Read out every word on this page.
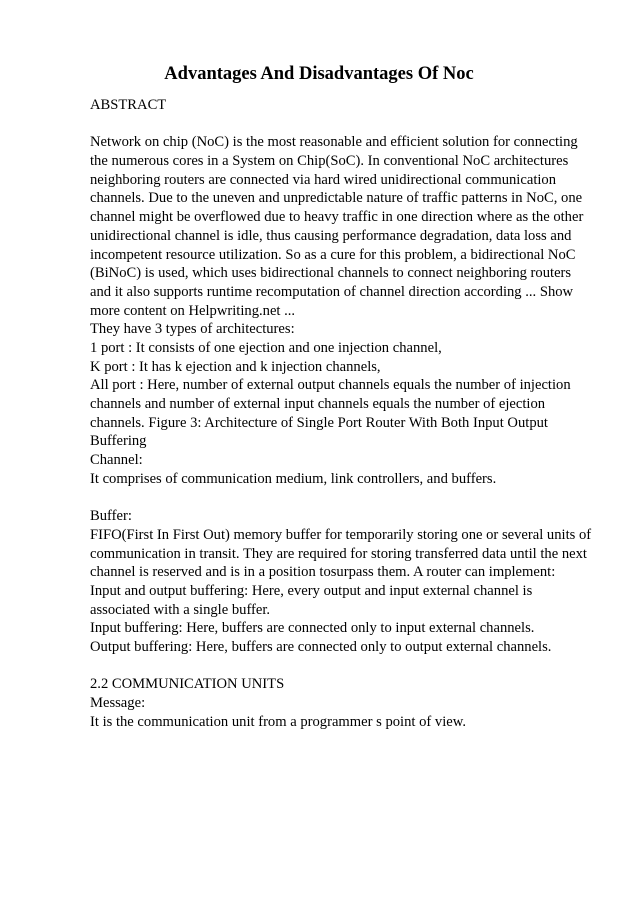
Advantages And Disadvantages Of Noc
ABSTRACT
Network on chip (NoC) is the most reasonable and efficient solution for connecting
the numerous cores in a System on Chip(SoC). In conventional NoC architectures
neighboring routers are connected via hard wired unidirectional communication
channels. Due to the uneven and unpredictable nature of traffic patterns in NoC, one
channel might be overflowed due to heavy traffic in one direction where as the other
unidirectional channel is idle, thus causing performance degradation, data loss and
incompetent resource utilization. So as a cure for this problem, a bidirectional NoC
(BiNoC) is used, which uses bidirectional channels to connect neighboring routers
and it also supports runtime recomputation of channel direction according ... Show
more content on Helpwriting.net ...
They have 3 types of architectures:
1 port : It consists of one ejection and one injection channel,
K port : It has k ejection and k injection channels,
All port : Here, number of external output channels equals the number of injection
channels and number of external input channels equals the number of ejection
channels. Figure 3: Architecture of Single Port Router With Both Input Output
Buffering
Channel:
It comprises of communication medium, link controllers, and buffers.
Buffer:
FIFO(First In First Out) memory buffer for temporarily storing one or several units of
communication in transit. They are required for storing transferred data until the next
channel is reserved and is in a position tosurpass them. A router can implement:
Input and output buffering: Here, every output and input external channel is
associated with a single buffer.
Input buffering: Here, buffers are connected only to input external channels.
Output buffering: Here, buffers are connected only to output external channels.
2.2 COMMUNICATION UNITS
Message:
It is the communication unit from a programmer s point of view.
